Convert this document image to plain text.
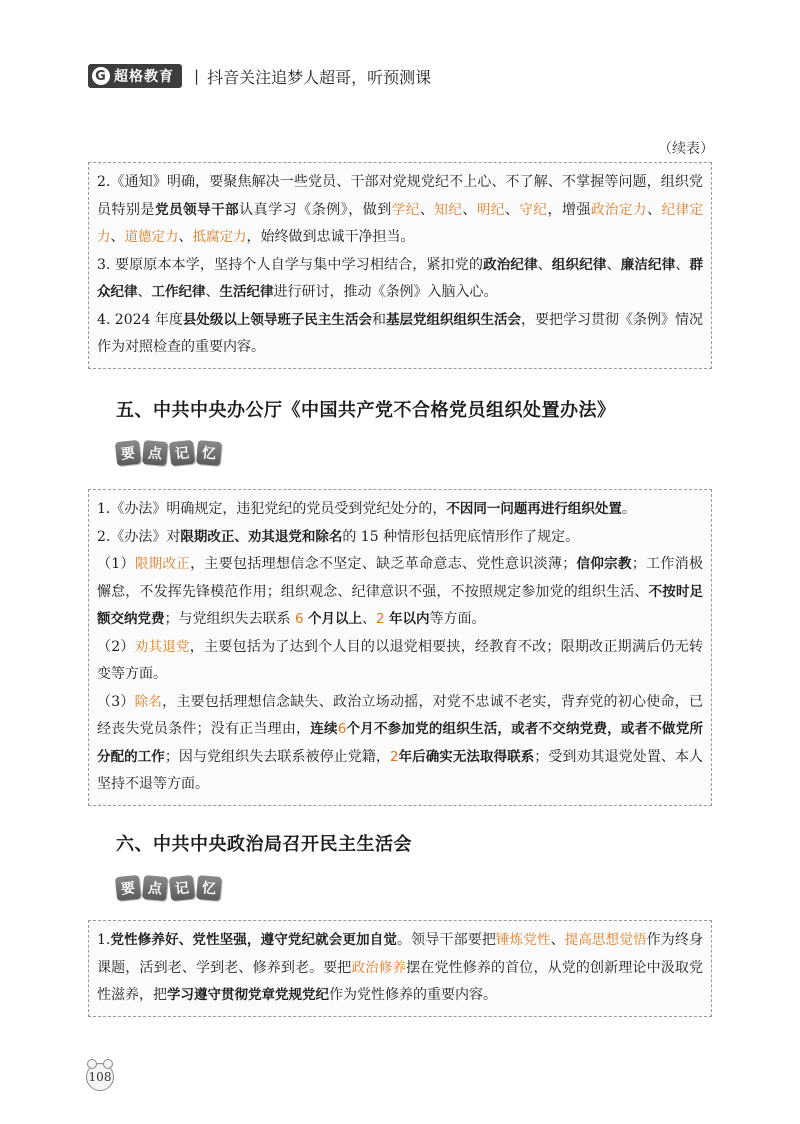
G 超格教育 | 抖音关注追梦人超哥，听预测课
（续表）

2.《通知》明确，要聚焦解决一些党员、干部对党规党纪不上心、不了解、不掌握等问题，组织党员特别是党员领导干部认真学习《条例》，做到学纪、知纪、明纪、守纪，增强政治定力、纪律定力、道德定力、抵腐定力，始终做到忠诚干净担当。

3. 要原原本本学，坚持个人自学与集中学习相结合，紧扣党的政治纪律、组织纪律、廉洁纪律、群众纪律、工作纪律、生活纪律进行研讨，推动《条例》入脑入心。

4. 2024 年度县处级以上领导班子民主生活会和基层党组织组织生活会，要把学习贯彻《条例》情况作为对照检查的重要内容。

五、中共中央办公厅《中国共产党不合格党员组织处置办法》
要 点 记 忆

1.《办法》明确规定，违犯党纪的党员受到党纪处分的，不因同一问题再进行组织处置。

2.《办法》对限期改正、劝其退党和除名的 15 种情形包括兜底情形作了规定。

（1）限期改正，主要包括理想信念不坚定、缺乏革命意志、党性意识淡薄；信仰宗教；工作消极懈怠，不发挥先锋模范作用；组织观念、纪律意识不强，不按照规定参加党的组织生活、不按时足额交纳党费；与党组织失去联系 6 个月以上、2 年以内等方面。

（2）劝其退党，主要包括为了达到个人目的以退党相要挟，经教育不改；限期改正期满后仍无转变等方面。

（3）除名，主要包括理想信念缺失、政治立场动摇，对党不忠诚不老实，背弃党的初心使命，已经丧失党员条件；没有正当理由，连续6个月不参加党的组织生活，或者不交纳党费，或者不做党所分配的工作；因与党组织失去联系被停止党籍，2年后确实无法取得联系；受到劝其退党处置、本人坚持不退等方面。

六、中共中央政治局召开民主生活会
要 点 记 忆

1.党性修养好、党性坚强，遵守党纪就会更加自觉。领导干部要把锤炼党性、提高思想觉悟作为终身课题，活到老、学到老、修养到老。要把政治修养摆在党性修养的首位，从党的创新理论中汲取党性滋养，把学习遵守贯彻党章党规党纪作为党性修养的重要内容。

108
